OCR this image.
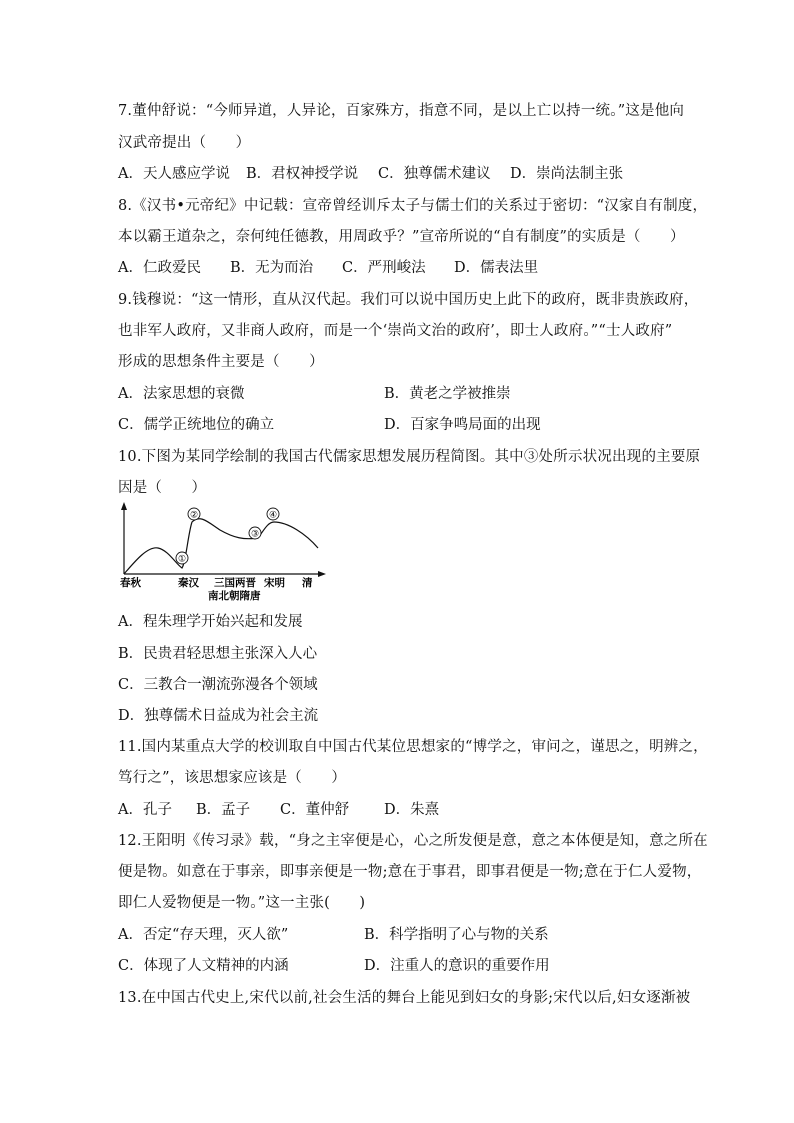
7.董仲舒说：“今师异道，人异论，百家殊方，指意不同，是以上亡以持一统。”这是他向
汉武帝提出（　　）
A．天人感应学说 B．君权神授学说 C．独尊儒术建议 D．崇尚法制主张
8.《汉书•元帝纪》中记载：宣帝曾经训斥太子与儒士们的关系过于密切：“汉家自有制度，
本以霸王道杂之，奈何纯任德教，用周政乎？”宣帝所说的“自有制度”的实质是（　　）
A．仁政爱民 B．无为而治 C．严刑峻法 D．儒表法里
9.钱穆说：“这一情形，直从汉代起。我们可以说中国历史上此下的政府，既非贵族政府，
也非军人政府，又非商人政府，而是一个‘崇尚文治的政府’，即士人政府。”“士人政府”
形成的思想条件主要是（　　）
A．法家思想的衰微	B．黄老之学被推崇
C．儒学正统地位的确立	D．百家争鸣局面的出现
10.下图为某同学绘制的我国古代儒家思想发展历程简图。其中③处所示状况出现的主要原
因是（　　）
①
②
③
④
春秋	秦汉 三国两晋 宋明 清
南北朝隋唐
A．程朱理学开始兴起和发展
B．民贵君轻思想主张深入人心
C．三教合一潮流弥漫各个领域
D．独尊儒术日益成为社会主流
11.国内某重点大学的校训取自中国古代某位思想家的“博学之，审问之，谨思之，明辨之，
笃行之”，该思想家应该是（　　）
A．孔子 B．孟子 C．董仲舒 D．朱熹
12.王阳明《传习录》载，“身之主宰便是心，心之所发便是意，意之本体便是知，意之所在
便是物。如意在于事亲，即事亲便是一物;意在于事君，即事君便是一物;意在于仁人爱物，
即仁人爱物便是一物。”这一主张(　　)
A．否定“存天理，灭人欲”	B．科学指明了心与物的关系
C．体现了人文精神的内涵	D．注重人的意识的重要作用
13.在中国古代史上,宋代以前,社会生活的舞台上能见到妇女的身影;宋代以后,妇女逐渐被
